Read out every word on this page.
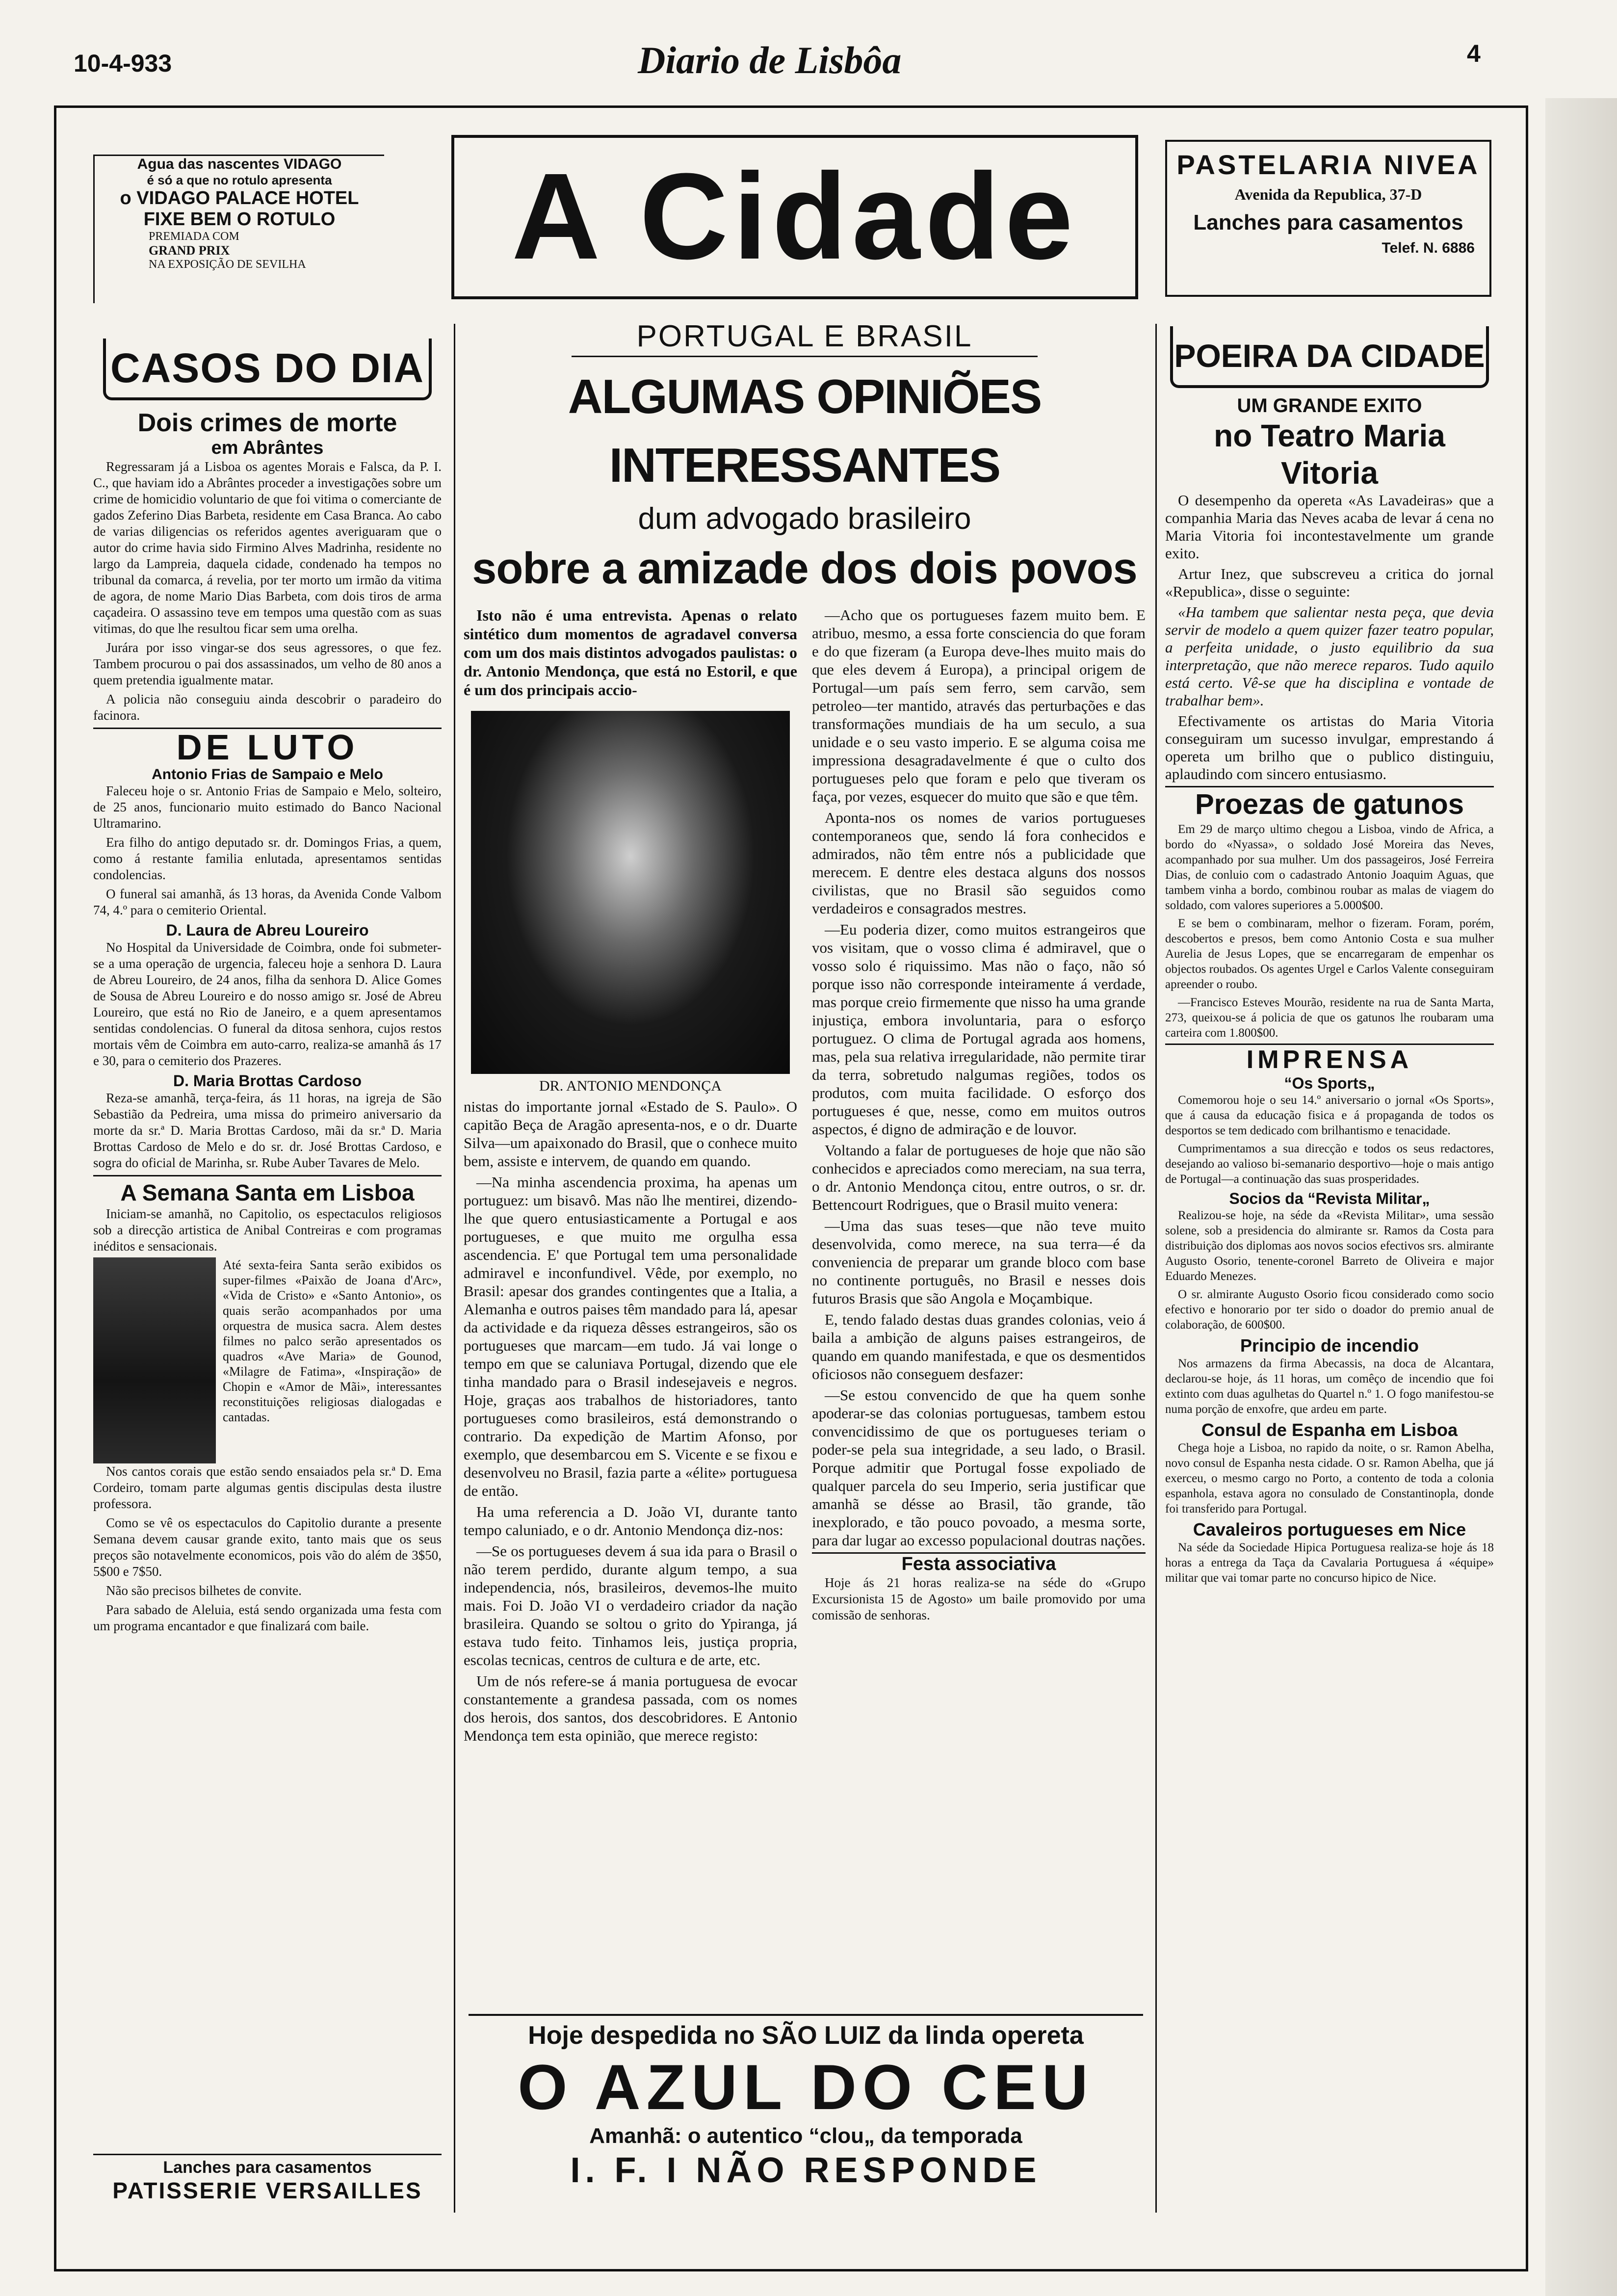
10-4-933	Diario de Lisbôa	4
Agua das nascentes VIDAGO
é só a que no rotulo apresenta
o VIDAGO PALACE HOTEL
FIXE BEM O ROTULO
PREMIADA COM
GRAND PRIX
NA EXPOSIÇÃO DE SEVILHA	A Cidade	PASTELARIA NIVEA
Avenida da Republica, 37-D
Lanches para casamentos
Telef. N. 6886
CASOS DO DIA
Dois crimes de morte
em Abrântes

Regressaram já a Lisboa os agentes Morais e Falsca, da P. I. C., que haviam ido a Abrântes proceder a investigações sobre um crime de homicidio voluntario de que foi vitima o comerciante de gados Zeferino Dias Barbeta, residente em Casa Branca. Ao cabo de varias diligencias os referidos agentes averiguaram que o autor do crime havia sido Firmino Alves Madrinha, residente no largo da Lampreia, daquela cidade, condenado ha tempos no tribunal da comarca, á revelia, por ter morto um irmão da vitima de agora, de nome Mario Dias Barbeta, com dois tiros de arma caçadeira. O assassino teve em tempos uma questão com as suas vitimas, do que lhe resultou ficar sem uma orelha.

Jurára por isso vingar-se dos seus agressores, o que fez. Tambem procurou o pai dos assassinados, um velho de 80 anos a quem pretendia igualmente matar.

A policia não conseguiu ainda descobrir o paradeiro do facinora.

DE LUTO
Antonio Frias de Sampaio e Melo

Faleceu hoje o sr. Antonio Frias de Sampaio e Melo, solteiro, de 25 anos, funcionario muito estimado do Banco Nacional Ultramarino.

Era filho do antigo deputado sr. dr. Domingos Frias, a quem, como á restante familia enlutada, apresentamos sentidas condolencias.

O funeral sai amanhã, ás 13 horas, da Avenida Conde Valbom 74, 4.º para o cemiterio Oriental.

D. Laura de Abreu Loureiro

No Hospital da Universidade de Coimbra, onde foi submeter-se a uma operação de urgencia, faleceu hoje a senhora D. Laura de Abreu Loureiro, de 24 anos, filha da senhora D. Alice Gomes de Sousa de Abreu Loureiro e do nosso amigo sr. José de Abreu Loureiro, que está no Rio de Janeiro, e a quem apresentamos sentidas condolencias. O funeral da ditosa senhora, cujos restos mortais vêm de Coimbra em auto-carro, realiza-se amanhã ás 17 e 30, para o cemiterio dos Prazeres.

D. Maria Brottas Cardoso

Reza-se amanhã, terça-feira, ás 11 horas, na igreja de São Sebastião da Pedreira, uma missa do primeiro aniversario da morte da sr.ª D. Maria Brottas Cardoso, mãi da sr.ª D. Maria Brottas Cardoso de Melo e do sr. dr. José Brottas Cardoso, e sogra do oficial de Marinha, sr. Rube Auber Tavares de Melo.

A Semana Santa em Lisboa

Iniciam-se amanhã, no Capitolio, os espectaculos religiosos sob a direcção artistica de Anibal Contreiras e com programas inéditos e sensacionais.

Até sexta-feira Santa serão exibidos os super-filmes «Paixão de Joana d'Arc», «Vida de Cristo» e «Santo Antonio», os quais serão acompanhados por uma orquestra de musica sacra. Alem destes filmes no palco serão apresentados os quadros «Ave Maria» de Gounod, «Milagre de Fatima», «Inspiração» de Chopin e «Amor de Mãi», interessantes reconstituições religiosas dialogadas e cantadas.

Nos cantos corais que estão sendo ensaiados pela sr.ª D. Ema Cordeiro, tomam parte algumas gentis discipulas desta ilustre professora.

Como se vê os espectaculos do Capitolio durante a presente Semana devem causar grande exito, tanto mais que os seus preços são notavelmente economicos, pois vão do além de 3$50, 5$00 e 7$50.

Não são precisos bilhetes de convite.

Para sabado de Aleluia, está sendo organizada uma festa com um programa encantador e que finalizará com baile.

Lanches para casamentos
PATISSERIE VERSAILLES
PORTUGAL E BRASIL
ALGUMAS OPINIÕES INTERESSANTES
dum advogado brasileiro
sobre a amizade dos dois povos

Isto não é uma entrevista. Apenas o relato sintético dum momentos de agradavel conversa com um dos mais distintos advogados paulistas: o dr. Antonio Mendonça, que está no Estoril, e que é um dos principais accio-

DR. ANTONIO MENDONÇA

nistas do importante jornal «Estado de S. Paulo». O capitão Beça de Aragão apresenta-nos, e o dr. Duarte Silva—um apaixonado do Brasil, que o conhece muito bem, assiste e intervem, de quando em quando.

—Na minha ascendencia proxima, ha apenas um portuguez: um bisavô. Mas não lhe mentirei, dizendo-lhe que quero entusiasticamente a Portugal e aos portugueses, e que muito me orgulha essa ascendencia. E' que Portugal tem uma personalidade admiravel e inconfundivel. Vêde, por exemplo, no Brasil: apesar dos grandes contingentes que a Italia, a Alemanha e outros paises têm mandado para lá, apesar da actividade e da riqueza dêsses estrangeiros, são os portugueses que marcam—em tudo. Já vai longe o tempo em que se caluniava Portugal, dizendo que ele tinha mandado para o Brasil indesejaveis e negros. Hoje, graças aos trabalhos de historiadores, tanto portugueses como brasileiros, está demonstrando o contrario. Da expedição de Martim Afonso, por exemplo, que desembarcou em S. Vicente e se fixou e desenvolveu no Brasil, fazia parte a «élite» portuguesa de então.

Ha uma referencia a D. João VI, durante tanto tempo caluniado, e o dr. Antonio Mendonça diz-nos:

—Se os portugueses devem á sua ida para o Brasil o não terem perdido, durante algum tempo, a sua independencia, nós, brasileiros, devemos-lhe muito mais. Foi D. João VI o verdadeiro criador da nação brasileira. Quando se soltou o grito do Ypiranga, já estava tudo feito. Tinhamos leis, justiça propria, escolas tecnicas, centros de cultura e de arte, etc.

Um de nós refere-se á mania portuguesa de evocar constantemente a grandesa passada, com os nomes dos herois, dos santos, dos descobridores. E Antonio Mendonça tem esta opinião, que merece registo:

—Acho que os portugueses fazem muito bem. E atribuo, mesmo, a essa forte consciencia do que foram e do que fizeram (a Europa deve-lhes muito mais do que eles devem á Europa), a principal origem de Portugal—um país sem ferro, sem carvão, sem petroleo—ter mantido, através das perturbações e das transformações mundiais de ha um seculo, a sua unidade e o seu vasto imperio. E se alguma coisa me impressiona desagradavelmente é que o culto dos portugueses pelo que foram e pelo que tiveram os faça, por vezes, esquecer do muito que são e que têm.

Aponta-nos os nomes de varios portugueses contemporaneos que, sendo lá fora conhecidos e admirados, não têm entre nós a publicidade que merecem. E dentre eles destaca alguns dos nossos civilistas, que no Brasil são seguidos como verdadeiros e consagrados mestres.

—Eu poderia dizer, como muitos estrangeiros que vos visitam, que o vosso clima é admiravel, que o vosso solo é riquissimo. Mas não o faço, não só porque isso não corresponde inteiramente á verdade, mas porque creio firmemente que nisso ha uma grande injustiça, embora involuntaria, para o esforço portuguez. O clima de Portugal agrada aos homens, mas, pela sua relativa irregularidade, não permite tirar da terra, sobretudo nalgumas regiões, todos os produtos, com muita facilidade. O esforço dos portugueses é que, nesse, como em muitos outros aspectos, é digno de admiração e de louvor.

Voltando a falar de portugueses de hoje que não são conhecidos e apreciados como mereciam, na sua terra, o dr. Antonio Mendonça citou, entre outros, o sr. dr. Bettencourt Rodrigues, que o Brasil muito venera:

—Uma das suas teses—que não teve muito desenvolvida, como merece, na sua terra—é da conveniencia de preparar um grande bloco com base no continente português, no Brasil e nesses dois futuros Brasis que são Angola e Moçambique.

E, tendo falado destas duas grandes colonias, veio á baila a ambição de alguns paises estrangeiros, de quando em quando manifestada, e que os desmentidos oficiosos não conseguem desfazer:

—Se estou convencido de que ha quem sonhe apoderar-se das colonias portuguesas, tambem estou convencidissimo de que os portugueses teriam o poder-se pela sua integridade, a seu lado, o Brasil. Porque admitir que Portugal fosse expoliado de qualquer parcela do seu Imperio, seria justificar que amanhã se désse ao Brasil, tão grande, tão inexplorado, e tão pouco povoado, a mesma sorte, para dar lugar ao excesso populacional doutras nações.

Festa associativa

Hoje ás 21 horas realiza-se na séde do «Grupo Excursionista 15 de Agosto» um baile promovido por uma comissão de senhoras.

Hoje despedida no SÃO LUIZ da linda opereta
O AZUL DO CEU
Amanhã: o autentico “clou„ da temporada
I. F. I NÃO RESPONDE
POEIRA DA CIDADE
UM GRANDE EXITO
no Teatro Maria Vitoria

O desempenho da opereta «As Lavadeiras» que a companhia Maria das Neves acaba de levar á cena no Maria Vitoria foi incontestavelmente um grande exito.

Artur Inez, que subscreveu a critica do jornal «Republica», disse o seguinte:

«Ha tambem que salientar nesta peça, que devia servir de modelo a quem quizer fazer teatro popular, a perfeita unidade, o justo equilibrio da sua interpretação, que não merece reparos. Tudo aquilo está certo. Vê-se que ha disciplina e vontade de trabalhar bem».

Efectivamente os artistas do Maria Vitoria conseguiram um sucesso invulgar, emprestando á opereta um brilho que o publico distinguiu, aplaudindo com sincero entusiasmo.

Proezas de gatunos

Em 29 de março ultimo chegou a Lisboa, vindo de Africa, a bordo do «Nyassa», o soldado José Moreira das Neves, acompanhado por sua mulher. Um dos passageiros, José Ferreira Dias, de conluio com o cadastrado Antonio Joaquim Aguas, que tambem vinha a bordo, combinou roubar as malas de viagem do soldado, com valores superiores a 5.000$00.

E se bem o combinaram, melhor o fizeram. Foram, porém, descobertos e presos, bem como Antonio Costa e sua mulher Aurelia de Jesus Lopes, que se encarregaram de empenhar os objectos roubados. Os agentes Urgel e Carlos Valente conseguiram apreender o roubo.

—Francisco Esteves Mourão, residente na rua de Santa Marta, 273, queixou-se á policia de que os gatunos lhe roubaram uma carteira com 1.800$00.

IMPRENSA
“Os Sports„

Comemorou hoje o seu 14.º aniversario o jornal «Os Sports», que á causa da educação fisica e á propaganda de todos os desportos se tem dedicado com brilhantismo e tenacidade.

Cumprimentamos a sua direcção e todos os seus redactores, desejando ao valioso bi-semanario desportivo—hoje o mais antigo de Portugal—a continuação das suas prosperidades.

Socios da “Revista Militar„

Realizou-se hoje, na séde da «Revista Militar», uma sessão solene, sob a presidencia do almirante sr. Ramos da Costa para distribuição dos diplomas aos novos socios efectivos srs. almirante Augusto Osorio, tenente-coronel Barreto de Oliveira e major Eduardo Menezes.

O sr. almirante Augusto Osorio ficou considerado como socio efectivo e honorario por ter sido o doador do premio anual de colaboração, de 600$00.

Principio de incendio

Nos armazens da firma Abecassis, na doca de Alcantara, declarou-se hoje, ás 11 horas, um comêço de incendio que foi extinto com duas agulhetas do Quartel n.º 1. O fogo manifestou-se numa porção de enxofre, que ardeu em parte.

Consul de Espanha em Lisboa

Chega hoje a Lisboa, no rapido da noite, o sr. Ramon Abelha, novo consul de Espanha nesta cidade. O sr. Ramon Abelha, que já exerceu, o mesmo cargo no Porto, a contento de toda a colonia espanhola, estava agora no consulado de Constantinopla, donde foi transferido para Portugal.

Cavaleiros portugueses em Nice

Na séde da Sociedade Hipica Portuguesa realiza-se hoje ás 18 horas a entrega da Taça da Cavalaria Portuguesa á «équipe» militar que vai tomar parte no concurso hipico de Nice.
